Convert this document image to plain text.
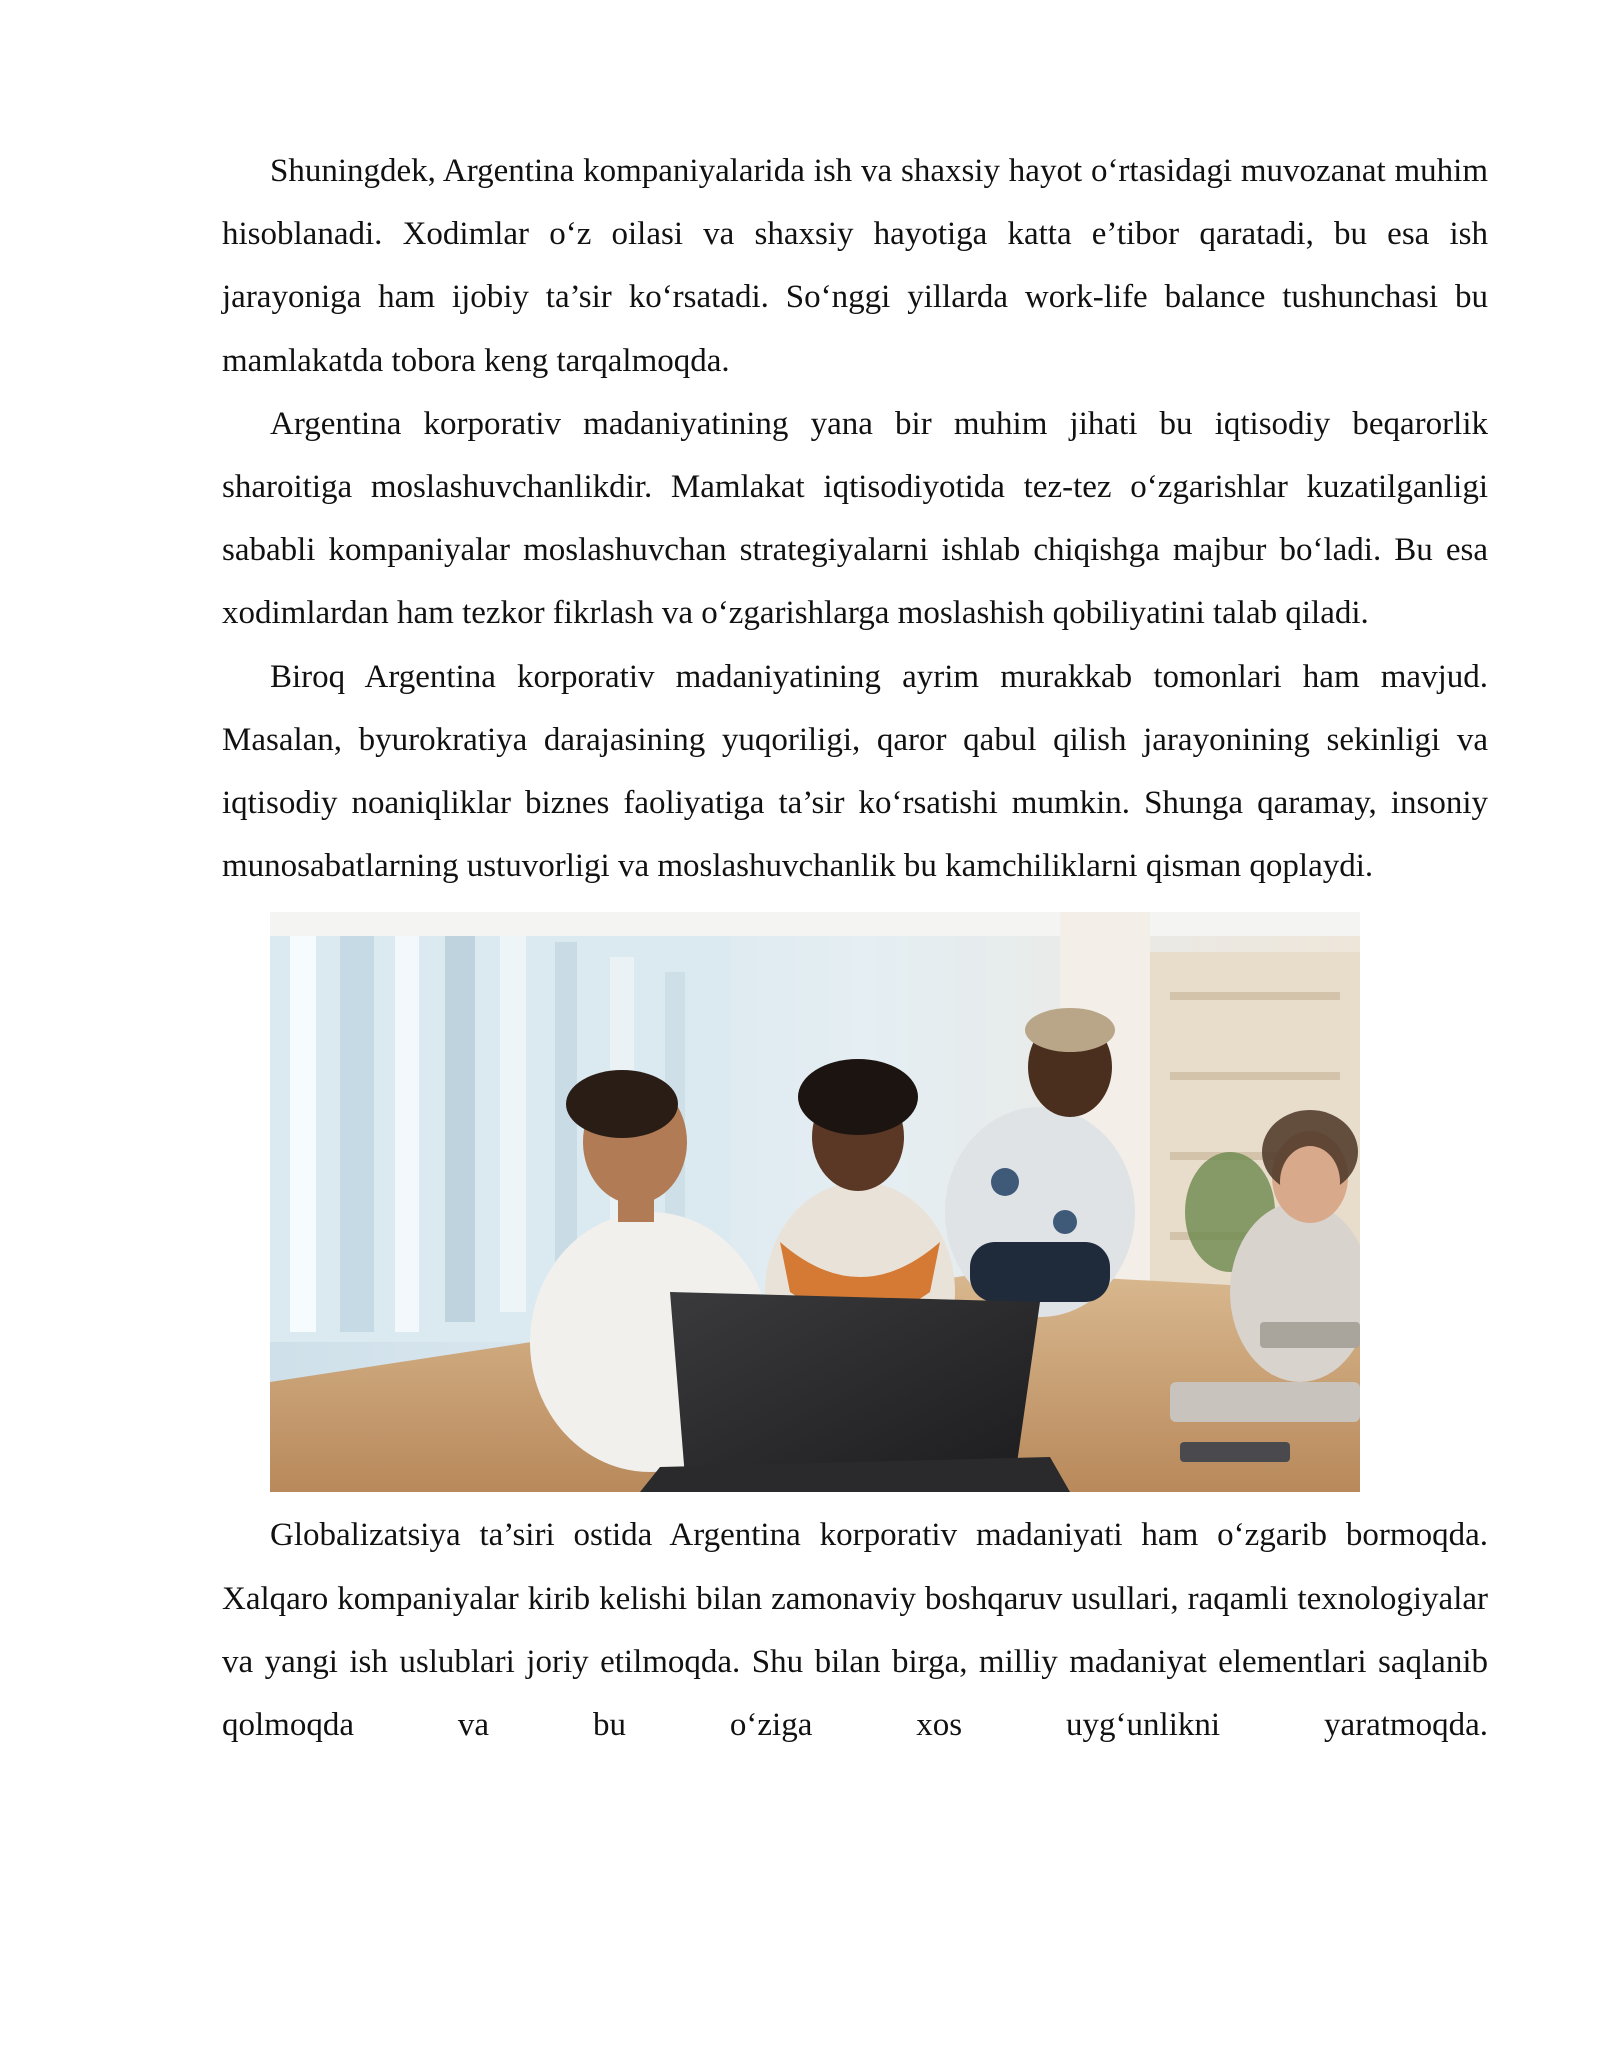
Shuningdek, Argentina kompaniyalarida ish va shaxsiy hayot oʻrtasidagi muvozanat muhim hisoblanadi. Xodimlar oʻz oilasi va shaxsiy hayotiga katta e’tibor qaratadi, bu esa ish jarayoniga ham ijobiy ta’sir koʻrsatadi. Soʻnggi yillarda work-life balance tushunchasi bu mamlakatda tobora keng tarqalmoqda.

Argentina korporativ madaniyatining yana bir muhim jihati bu iqtisodiy beqarorlik sharoitiga moslashuvchanlikdir. Mamlakat iqtisodiyotida tez-tez oʻzgarishlar kuzatilganligi sababli kompaniyalar moslashuvchan strategiyalarni ishlab chiqishga majbur boʻladi. Bu esa xodimlardan ham tezkor fikrlash va oʻzgarishlarga moslashish qobiliyatini talab qiladi.

Biroq Argentina korporativ madaniyatining ayrim murakkab tomonlari ham mavjud. Masalan, byurokratiya darajasining yuqoriligi, qaror qabul qilish jarayonining sekinligi va iqtisodiy noaniqliklar biznes faoliyatiga ta’sir koʻrsatishi mumkin. Shunga qaramay, insoniy munosabatlarning ustuvorligi va moslashuvchanlik bu kamchiliklarni qisman qoplaydi.

Globalizatsiya ta’siri ostida Argentina korporativ madaniyati ham oʻzgarib bormoqda. Xalqaro kompaniyalar kirib kelishi bilan zamonaviy boshqaruv usullari, raqamli texnologiyalar va yangi ish uslublari joriy etilmoqda. Shu bilan birga, milliy madaniyat elementlari saqlanib qolmoqda va bu oʻziga xos uygʻunlikni yaratmoqda.
